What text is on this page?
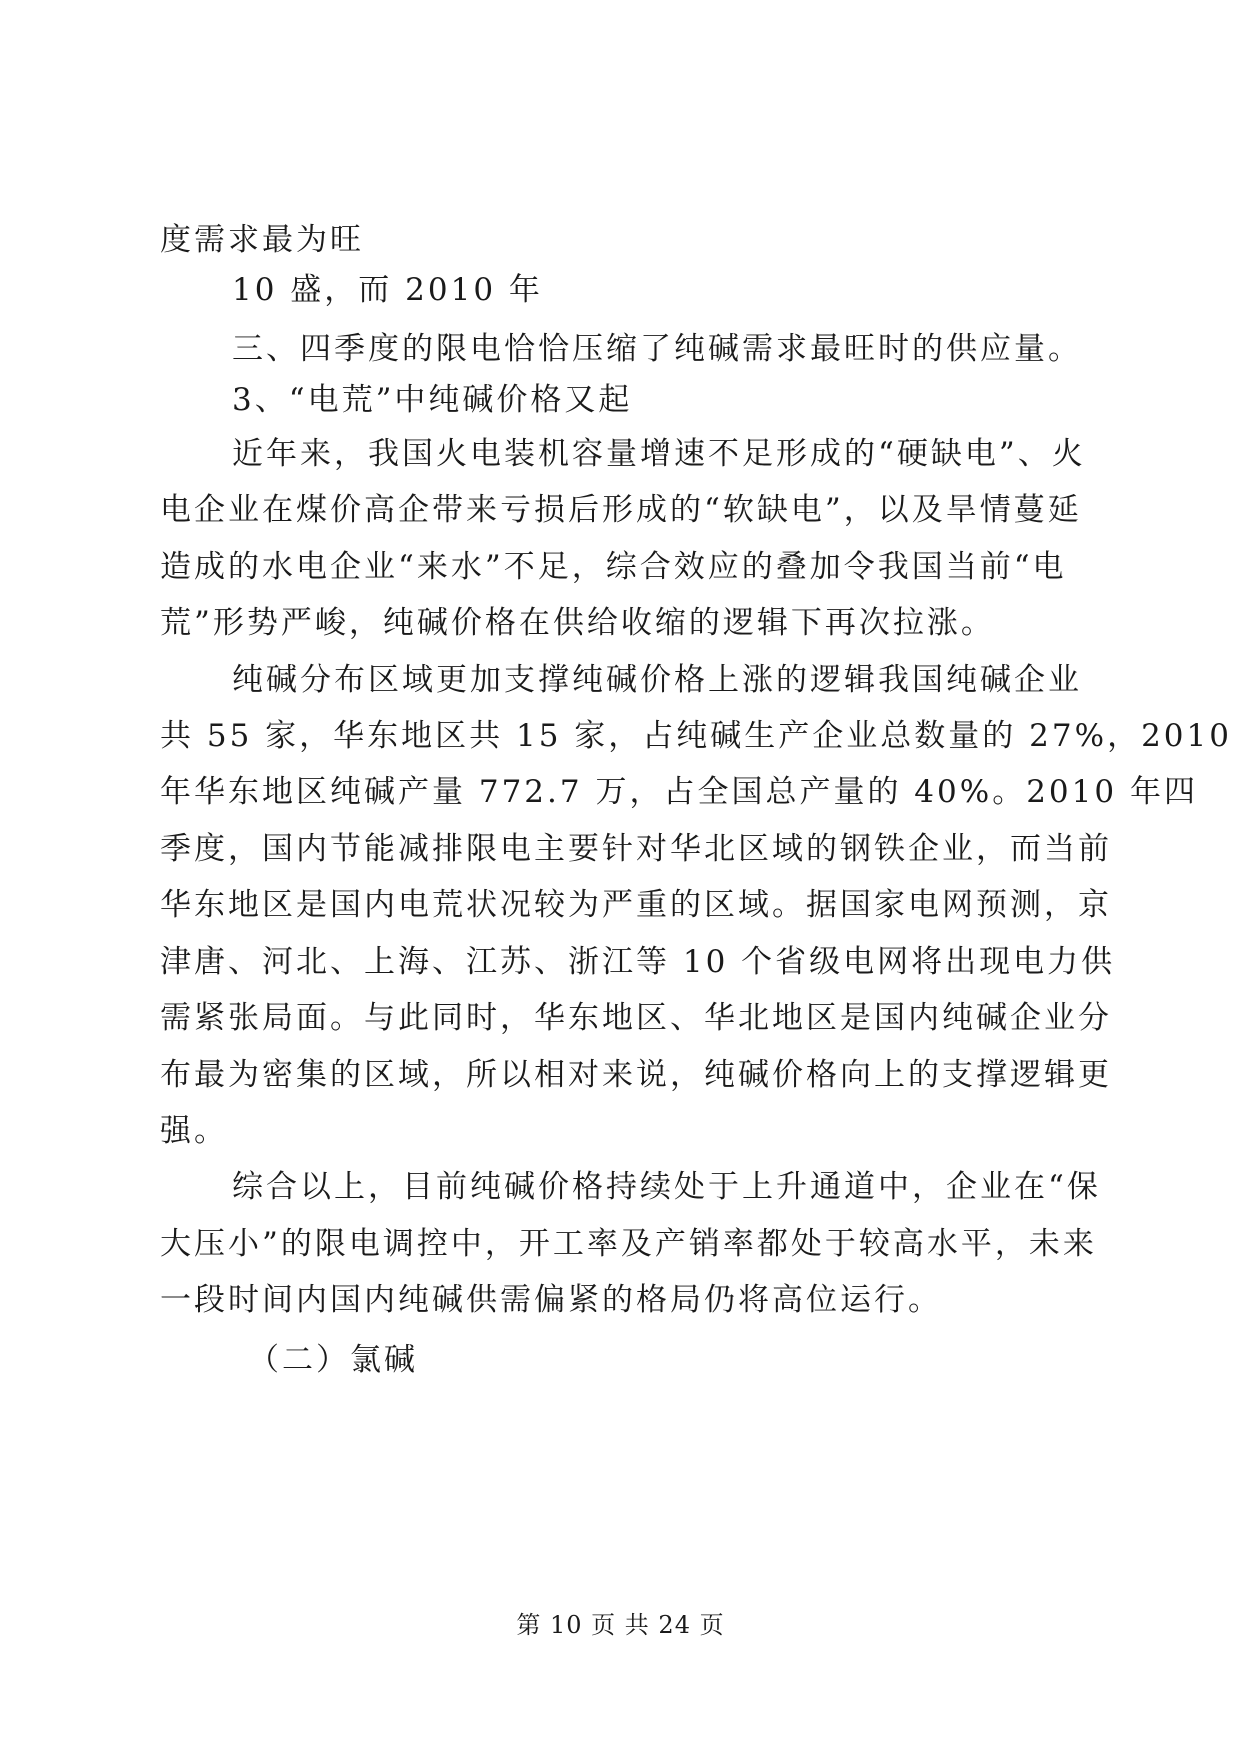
度需求最为旺
10 盛，而 2010 年
三、四季度的限电恰恰压缩了纯碱需求最旺时的供应量。
3、“电荒”中纯碱价格又起
近年来，我国火电装机容量增速不足形成的“硬缺电”、火
电企业在煤价高企带来亏损后形成的“软缺电”，以及旱情蔓延
造成的水电企业“来水”不足，综合效应的叠加令我国当前“电
荒”形势严峻，纯碱价格在供给收缩的逻辑下再次拉涨。
纯碱分布区域更加支撑纯碱价格上涨的逻辑我国纯碱企业
共 55 家，华东地区共 15 家，占纯碱生产企业总数量的 27%，2010
年华东地区纯碱产量 772.7 万，占全国总产量的 40%。2010 年四
季度，国内节能减排限电主要针对华北区域的钢铁企业，而当前
华东地区是国内电荒状况较为严重的区域。据国家电网预测，京
津唐、河北、上海、江苏、浙江等 10 个省级电网将出现电力供
需紧张局面。与此同时，华东地区、华北地区是国内纯碱企业分
布最为密集的区域，所以相对来说，纯碱价格向上的支撑逻辑更
强。
综合以上，目前纯碱价格持续处于上升通道中，企业在“保
大压小”的限电调控中，开工率及产销率都处于较高水平，未来
一段时间内国内纯碱供需偏紧的格局仍将高位运行。
（二）氯碱
第 10 页 共 24 页
